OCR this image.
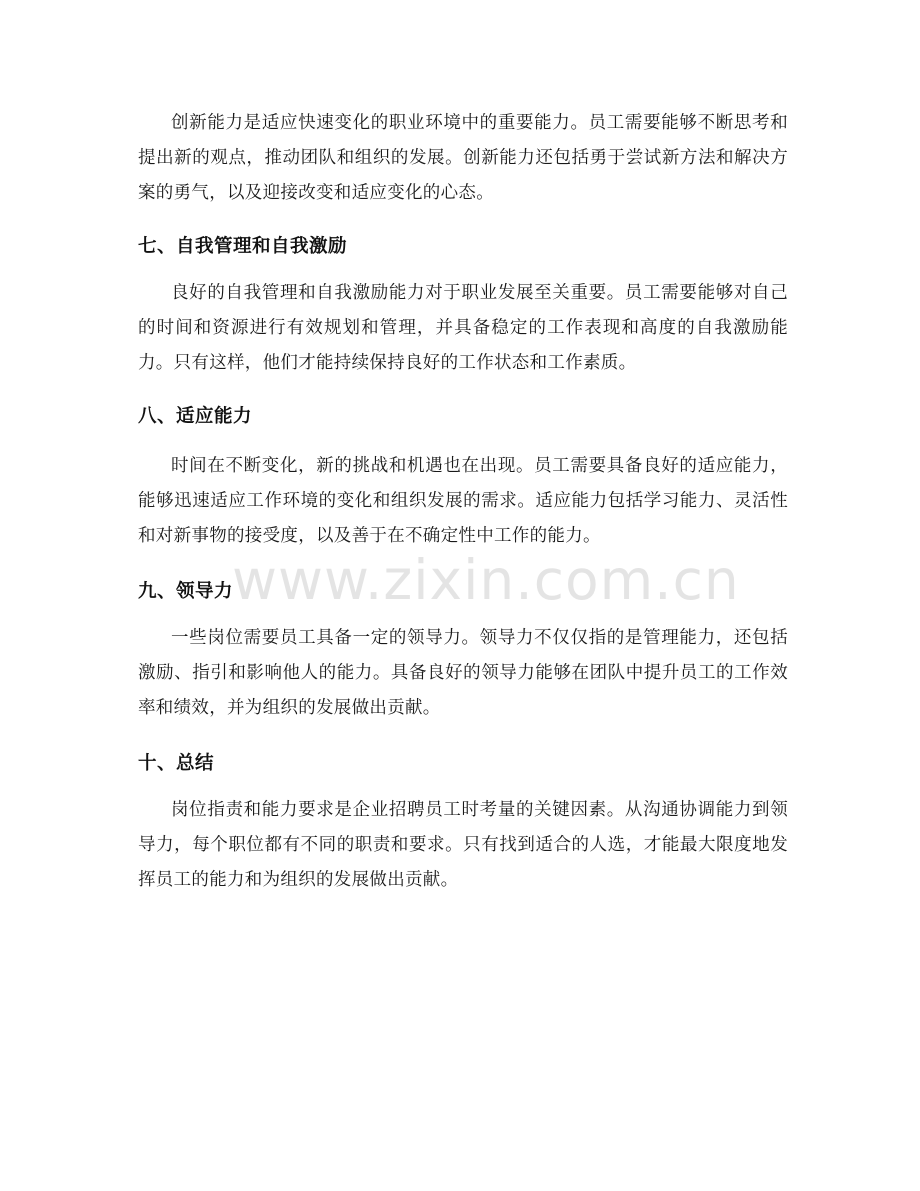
创新能力是适应快速变化的职业环境中的重要能力。员工需要能够不断思考和提出新的观点，推动团队和组织的发展。创新能力还包括勇于尝试新方法和解决方案的勇气，以及迎接改变和适应变化的心态。

七、自我管理和自我激励

良好的自我管理和自我激励能力对于职业发展至关重要。员工需要能够对自己的时间和资源进行有效规划和管理，并具备稳定的工作表现和高度的自我激励能力。只有这样，他们才能持续保持良好的工作状态和工作素质。

八、适应能力

时间在不断变化，新的挑战和机遇也在出现。员工需要具备良好的适应能力，能够迅速适应工作环境的变化和组织发展的需求。适应能力包括学习能力、灵活性和对新事物的接受度，以及善于在不确定性中工作的能力。

九、领导力

一些岗位需要员工具备一定的领导力。领导力不仅仅指的是管理能力，还包括激励、指引和影响他人的能力。具备良好的领导力能够在团队中提升员工的工作效率和绩效，并为组织的发展做出贡献。

十、总结

岗位指责和能力要求是企业招聘员工时考量的关键因素。从沟通协调能力到领导力，每个职位都有不同的职责和要求。只有找到适合的人选，才能最大限度地发挥员工的能力和为组织的发展做出贡献。

www.zixin.com.cn
